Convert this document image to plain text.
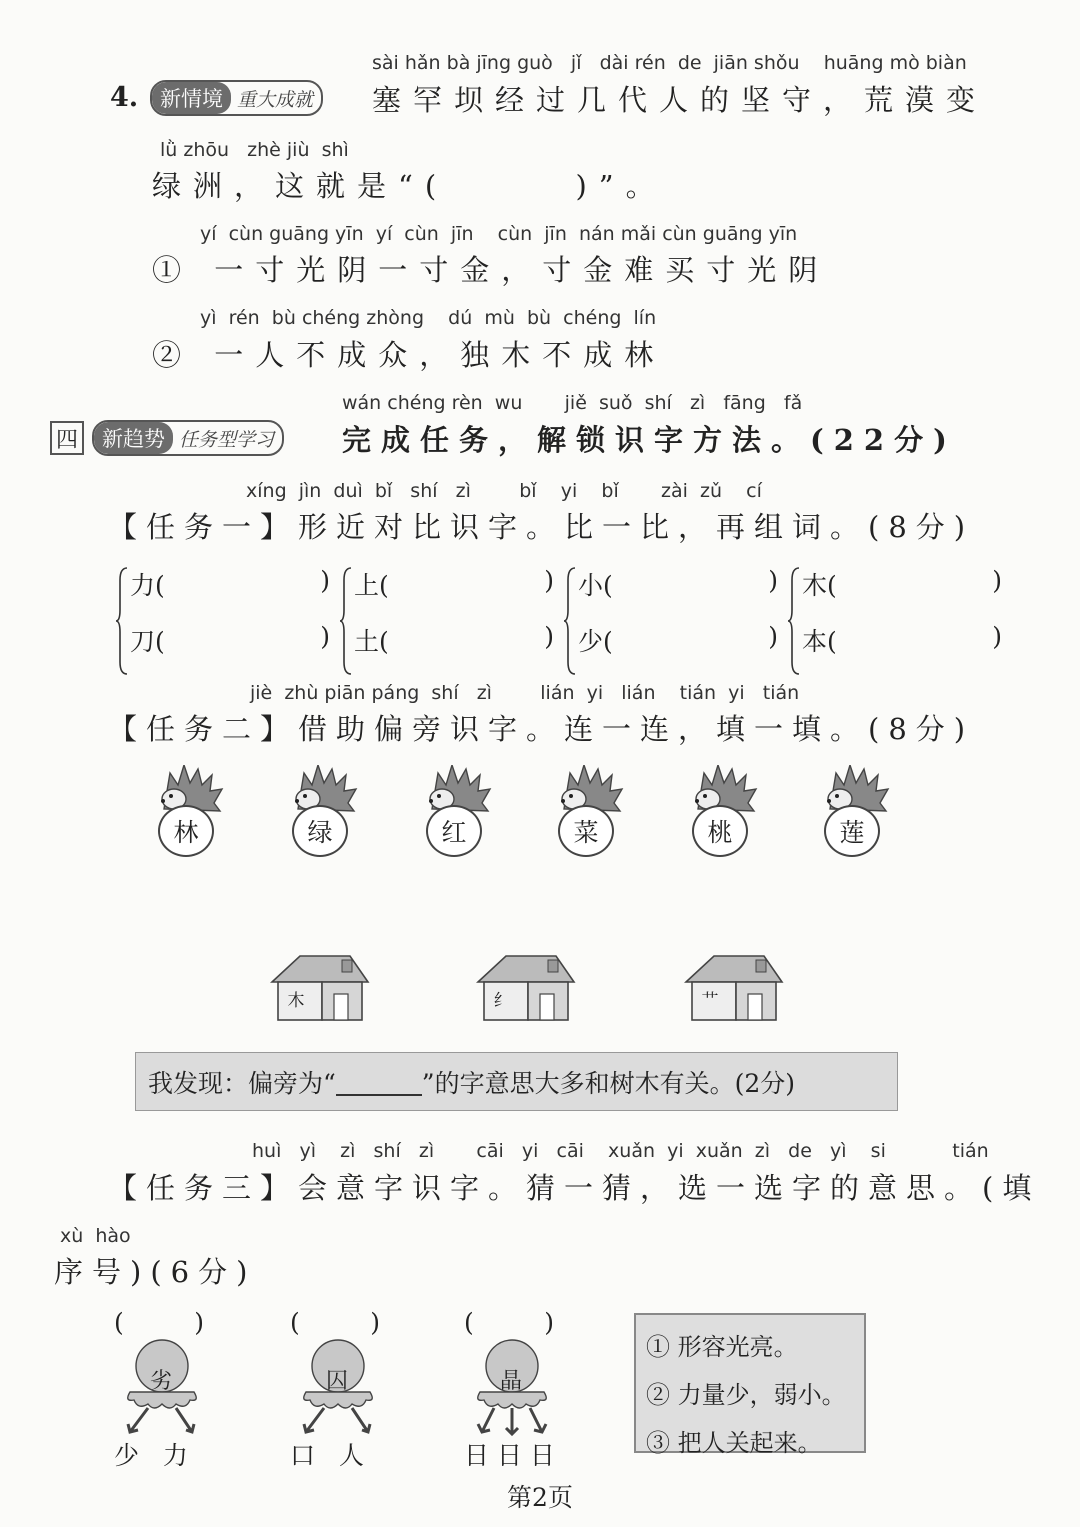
sài hǎn bà jīng guò   jǐ   dài rén  de  jiān shǒu    huāng mò biàn
4.	新情境 重大成就 塞罕坝经过几代人的坚守，荒漠变
lǜ zhōu   zhè jiù  shì
绿洲，这就是“(      )”。
yí  cùn guāng yīn  yí  cùn  jīn    cùn  jīn  nán mǎi cùn guāng yīn
① 一寸光阴一寸金，寸金难买寸光阴
yì  rén  bù chéng zhòng    dú  mù  bù  chéng  lín
② 一人不成众，独木不成林
wán chéng rèn  wu       jiě  suǒ  shí   zì   fāng   fǎ
四	新趋势 任务型学习 完成任务，解锁识字方法。(22分)
xíng  jìn  duì  bǐ   shí   zì        bǐ    yi    bǐ       zài  zǔ    cí
【任务一】形近对比识字。比一比，再组词。(8分)
力(	)
刀(	)
上(	)
土(	)
小(	)
少(	)
木(	)
本(	)
jiè  zhù piān páng  shí   zì        lián  yi   lián    tián  yi   tián
【任务二】借助偏旁识字。连一连，填一填。(8分)
林	绿	红	菜	桃	莲
木	纟	艹
我发现：偏旁为“	”的字意思大多和树木有关。(2分)
huì   yì    zì   shí   zì       cāi   yi   cāi    xuǎn  yi  xuǎn  zì   de   yì    si           tián
【任务三】会意字识字。猜一猜，选一选字的意思。(填
xù  hào
序号)(6分)
(	)
劣
少   力
(	)
囚
口   人
(	)
晶
日 日 日
① 形容光亮。
② 力量少，弱小。
③ 把人关起来。
第2页
